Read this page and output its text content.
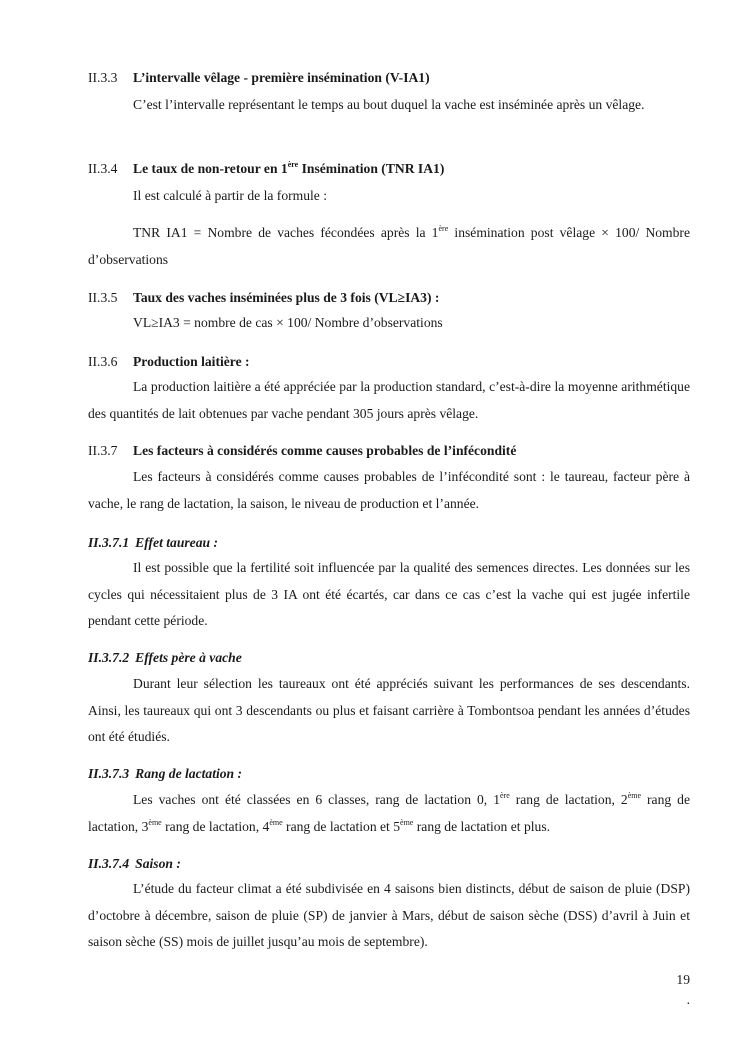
II.3.3 L’intervalle vêlage - première insémination (V-IA1)

C’est l’intervalle représentant le temps au bout duquel la vache est inséminée après un vêlage.

II.3.4 Le taux de non-retour en 1ère Insémination (TNR IA1)

Il est calculé à partir de la formule :

TNR IA1 = Nombre de vaches fécondées après la 1ère insémination post vêlage × 100/ Nombre d’observations

II.3.5 Taux des vaches inséminées plus de 3 fois (VL≥IA3) :

VL≥IA3 = nombre de cas × 100/ Nombre d’observations

II.3.6 Production laitière :

La production laitière a été appréciée par la production standard, c’est-à-dire la moyenne arithmétique des quantités de lait obtenues par vache pendant 305 jours après vêlage.

II.3.7 Les facteurs à considérés comme causes probables de l’infécondité

Les facteurs à considérés comme causes probables de l’infécondité sont : le taureau, facteur père à vache, le rang de lactation, la saison, le niveau de production et l’année.

II.3.7.1 Effet taureau :

Il est possible que la fertilité soit influencée par la qualité des semences directes. Les données sur les cycles qui nécessitaient plus de 3 IA ont été écartés, car dans ce cas c’est la vache qui est jugée infertile pendant cette période.

II.3.7.2 Effets père à vache

Durant leur sélection les taureaux ont été appréciés suivant les performances de ses descendants. Ainsi, les taureaux qui ont 3 descendants ou plus et faisant carrière à Tombontsoa pendant les années d’études ont été étudiés.

II.3.7.3 Rang de lactation :

Les vaches ont été classées en 6 classes, rang de lactation 0, 1ère rang de lactation, 2ème rang de lactation, 3ème rang de lactation, 4ème rang de lactation et 5ème rang de lactation et plus.

II.3.7.4 Saison :

L’étude du facteur climat a été subdivisée en 4 saisons bien distincts, début de saison de pluie (DSP) d’octobre à décembre, saison de pluie (SP) de janvier à Mars, début de saison sèche (DSS) d’avril à Juin et saison sèche (SS) mois de juillet jusqu’au mois de septembre).

19
.
